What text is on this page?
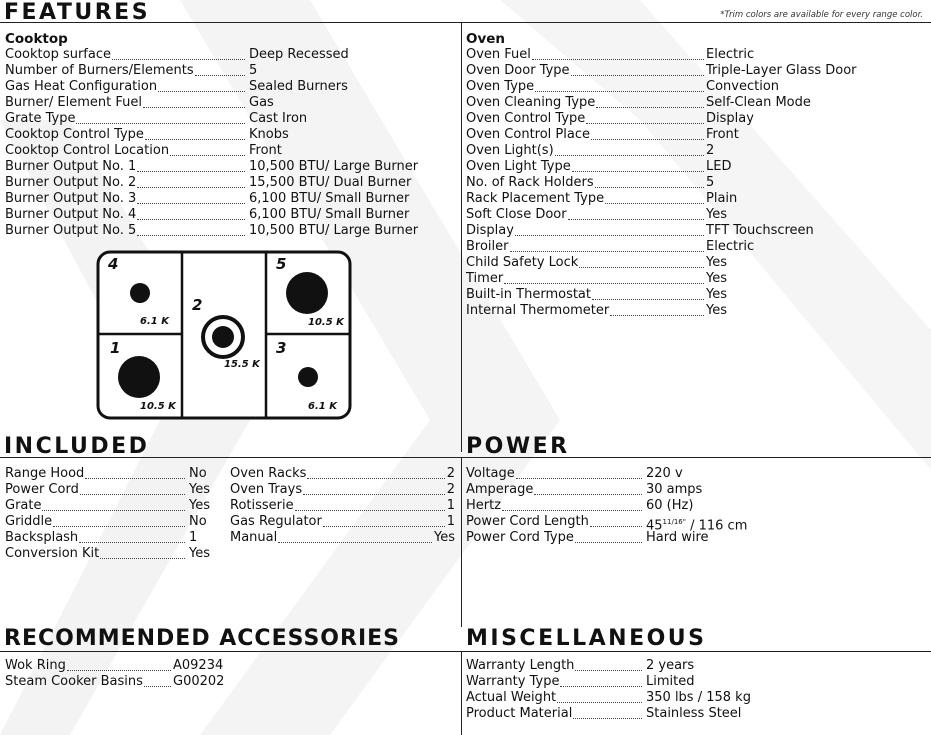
FEATURES	*Trim colors are available for every range color.
Cooktop
Cooktop surface	Deep Recessed
Number of Burners/Elements	5
Gas Heat Configuration	Sealed Burners
Burner/ Element Fuel	Gas
Grate Type	Cast Iron
Cooktop Control Type	Knobs
Cooktop Control Location	Front
Burner Output No. 1	10,500 BTU/ Large Burner
Burner Output No. 2	15,500 BTU/ Dual Burner
Burner Output No. 3	6,100 BTU/ Small Burner
Burner Output No. 4	6,100 BTU/ Small Burner
Burner Output No. 5	10,500 BTU/ Large Burner
Oven
Oven Fuel	Electric
Oven Door Type	Triple-Layer Glass Door
Oven Type	Convection
Oven Cleaning Type	Self-Clean Mode
Oven Control Type	Display
Oven Control Place	Front
Oven Light(s)	2
Oven Light Type	LED
No. of Rack Holders	5
Rack Placement Type	Plain
Soft Close Door	Yes
Display	TFT Touchscreen
Broiler	Electric
Child Safety Lock	Yes
Timer	Yes
Built-in Thermostat	Yes
Internal Thermometer	Yes
4
6.1 K
2
15.5 K
5
10.5 K
1
10.5 K
3
6.1 K
INCLUDED	POWER
Range Hood	No
Power Cord	Yes
Grate	Yes
Griddle	No
Backsplash	1
Conversion Kit	Yes
Oven Racks	2
Oven Trays	2
Rotisserie	1
Gas Regulator	1
Manual	Yes
Voltage	220 v
Amperage	30 amps
Hertz	60 (Hz)
Power Cord Length	$45^{11/16"} / 116$ cm
Power Cord Type	Hard wire
RECOMMENDED ACCESSORIES	MISCELLANEOUS
Wok Ring	A09234
Steam Cooker Basins G00202
Warranty Length	2 years
Warranty Type	Limited
Actual Weight	350 lbs / 158 kg
Product Material	Stainless Steel
